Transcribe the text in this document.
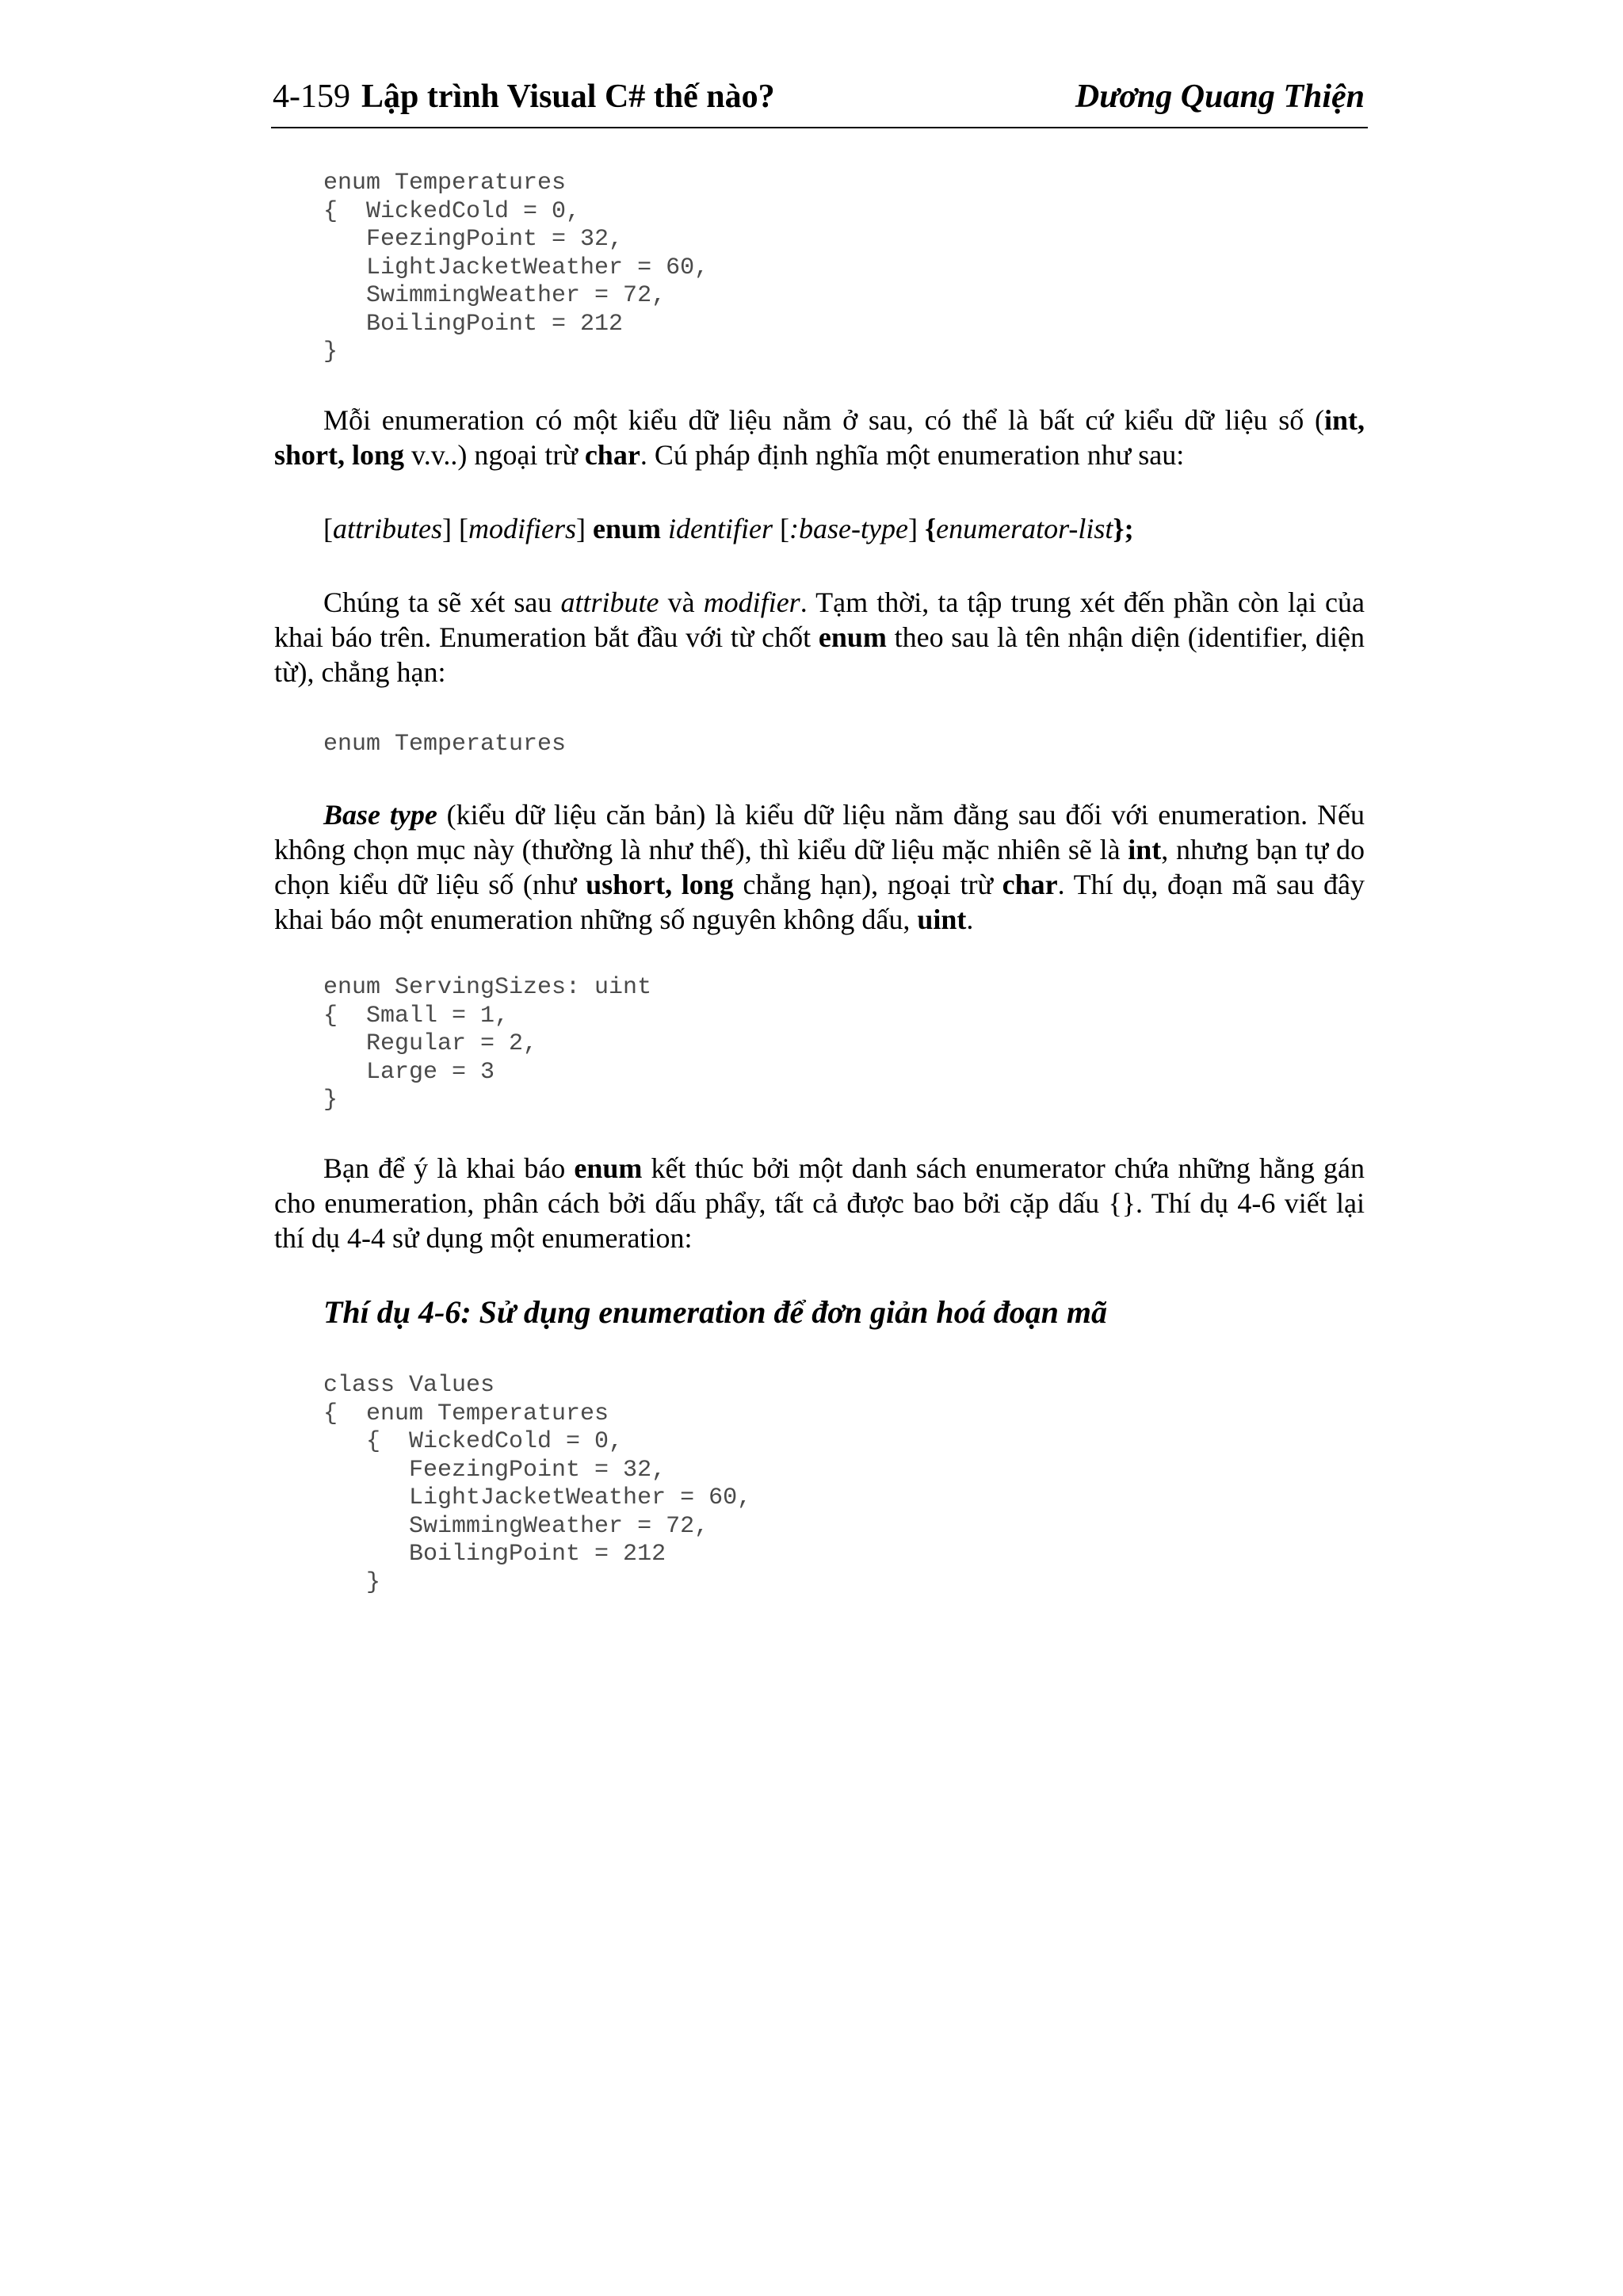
4-159 Lập trình Visual C# thế nào?	Dương Quang Thiện
enum Temperatures
{  WickedCold = 0,
FeezingPoint = 32,
LightJacketWeather = 60,
SwimmingWeather = 72,
BoilingPoint = 212
}

Mỗi enumeration có một kiểu dữ liệu nằm ở sau, có thể là bất cứ kiểu dữ liệu số (int, short, long v.v..) ngoại trừ char. Cú pháp định nghĩa một enumeration như sau:

[attributes] [modifiers] enum identifier [:base-type] {enumerator-list};

Chúng ta sẽ xét sau attribute và modifier. Tạm thời, ta tập trung xét đến phần còn lại của khai báo trên. Enumeration bắt đầu với từ chốt enum theo sau là tên nhận diện (identifier, diện từ), chẳng hạn:

enum Temperatures

Base type (kiểu dữ liệu căn bản) là kiểu dữ liệu nằm đằng sau đối với enumeration. Nếu không chọn mục này (thường là như thế), thì kiểu dữ liệu mặc nhiên sẽ là int, nhưng bạn tự do chọn kiểu dữ liệu số (như ushort, long chẳng hạn), ngoại trừ char. Thí dụ, đoạn mã sau đây khai báo một enumeration những số nguyên không dấu, uint.

enum ServingSizes: uint
{  Small = 1,
Regular = 2,
Large = 3
}

Bạn để ý là khai báo enum kết thúc bởi một danh sách enumerator chứa những hằng gán cho enumeration, phân cách bởi dấu phẩy, tất cả được bao bởi cặp dấu {}. Thí dụ 4-6 viết lại thí dụ 4-4 sử dụng một enumeration:

Thí dụ 4-6: Sử dụng enumeration để đơn giản hoá đoạn mã
class Values
{  enum Temperatures
{  WickedCold = 0,
FeezingPoint = 32,
LightJacketWeather = 60,
SwimmingWeather = 72,
BoilingPoint = 212
}
